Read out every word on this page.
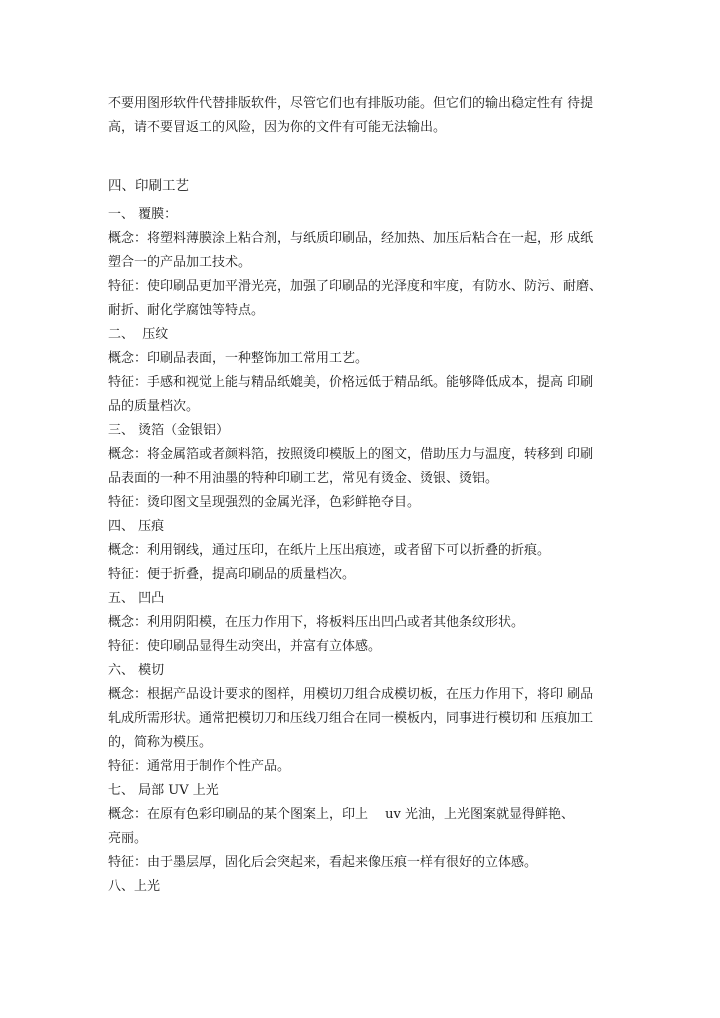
不要用图形软件代替排版软件，尽管它们也有排版功能。但它们的输出稳定性有 待提

高，请不要冒返工的风险，因为你的文件有可能无法输出。

四、印刷工艺

一、 覆膜：

概念：将塑料薄膜涂上粘合剂，与纸质印刷品，经加热、加压后粘合在一起，形 成纸

塑合一的产品加工技术。

特征：使印刷品更加平滑光亮，加强了印刷品的光泽度和牢度，有防水、防污、耐磨、

耐折、耐化学腐蚀等特点。

二、  压纹

概念：印刷品表面，一种整饰加工常用工艺。

特征：手感和视觉上能与精品纸媲美，价格远低于精品纸。能够降低成本，提高 印刷

品的质量档次。

三、 烫箔（金银铝）

概念：将金属箔或者颜料箔，按照烫印模版上的图文，借助压力与温度，转移到 印刷

品表面的一种不用油墨的特种印刷工艺，常见有烫金、烫银、烫铝。

特征：烫印图文呈现强烈的金属光泽，色彩鲜艳夺目。

四、 压痕

概念：利用钢线，通过压印，在纸片上压出痕迹，或者留下可以折叠的折痕。

特征：便于折叠，提高印刷品的质量档次。

五、 凹凸

概念：利用阴阳模，在压力作用下，将板料压出凹凸或者其他条纹形状。

特征：使印刷品显得生动突出，并富有立体感。

六、 模切

概念：根据产品设计要求的图样，用模切刀组合成模切板，在压力作用下，将印 刷品

轧成所需形状。通常把模切刀和压线刀组合在同一模板内，同事进行模切和 压痕加工

的，简称为模压。

特征：通常用于制作个性产品。

七、 局部 UV 上光

概念：在原有色彩印刷品的某个图案上，印上　 uv 光油，上光图案就显得鲜艳、

亮丽。

特征：由于墨层厚，固化后会突起来，看起来像压痕一样有很好的立体感。

八、上光
